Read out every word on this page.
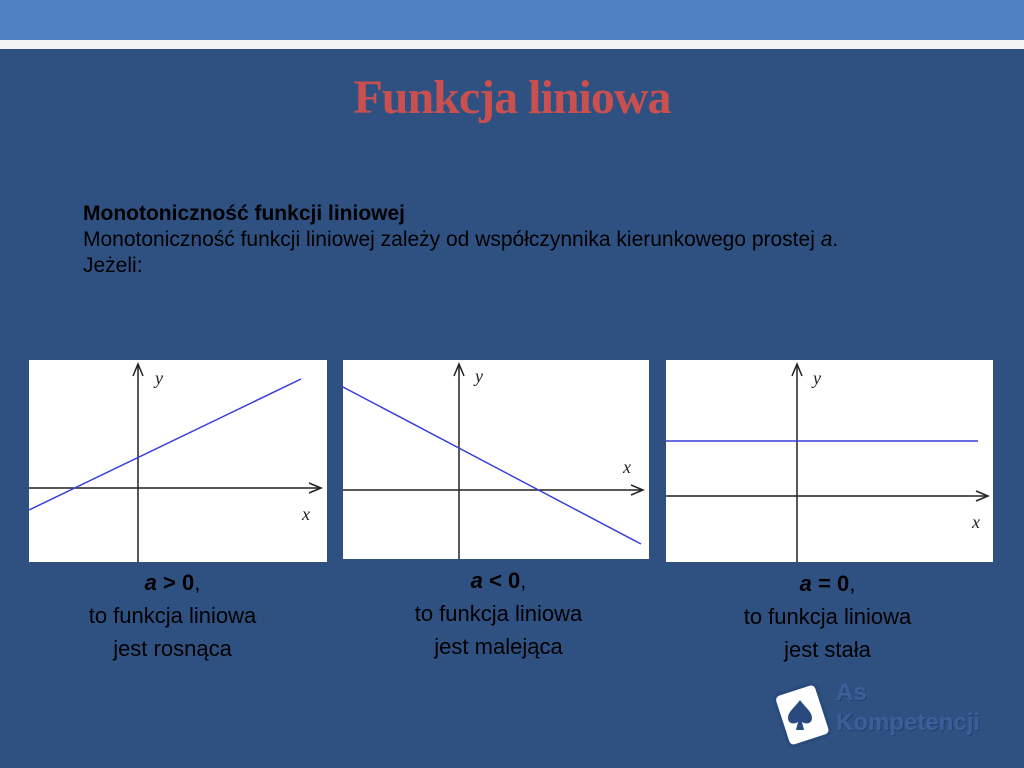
Funkcja liniowa

Monotoniczność funkcji liniowej

Monotoniczność funkcji liniowej zależy od współczynnika kierunkowego prostej a.

Jeżeli:

y
x
y
x
y
x
a > 0,
to funkcja liniowa
jest rosnąca
a < 0,
to funkcja liniowa
jest malejąca
a = 0,
to funkcja liniowa
jest stała
As
Kompetencji
